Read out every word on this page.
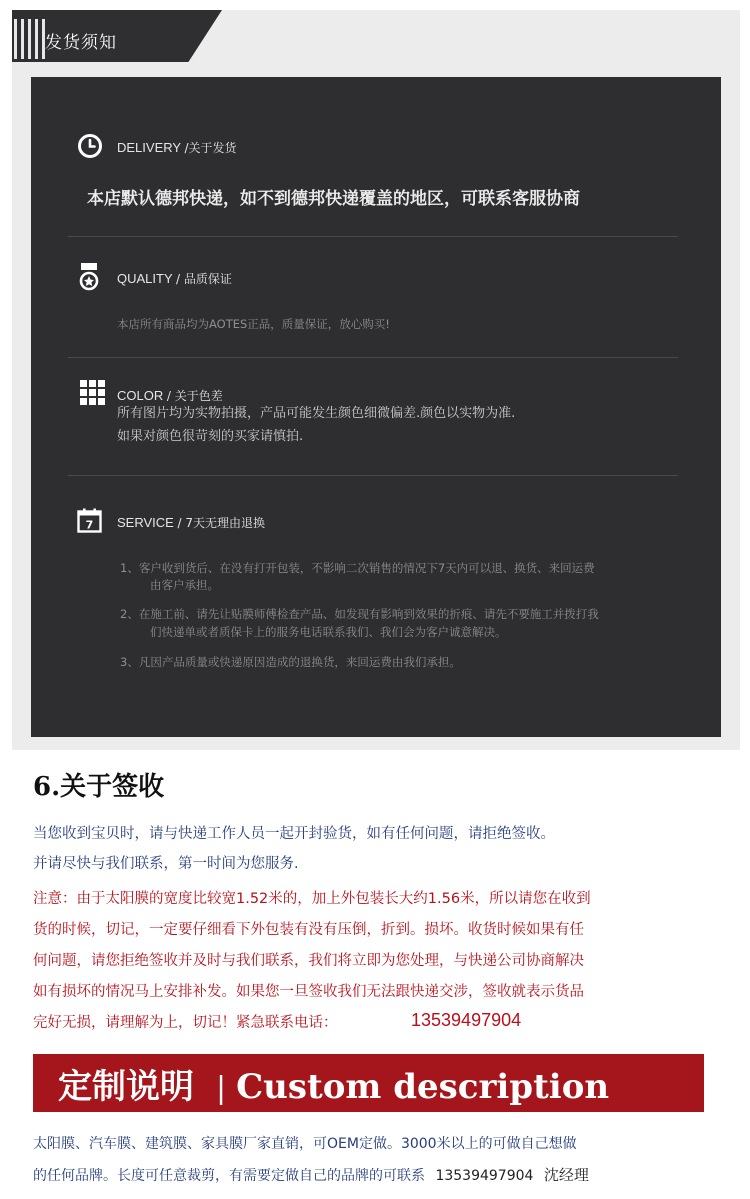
发货须知
DELIVERY /关于发货
本店默认德邦快递，如不到德邦快递覆盖的地区，可联系客服协商
QUALITY / 品质保证
本店所有商品均为AOTES正品，质量保证，放心购买!
COLOR / 关于色差
所有图片均为实物拍摄，产品可能发生颜色细微偏差.颜色以实物为准.
如果对颜色很苛刻的买家请慎拍.
7 SERVICE / 7天无理由退换
1、客户收到货后、在没有打开包装，不影响二次销售的情况下7天内可以退、换货、来回运费
由客户承担。
2、在施工前、请先让贴膜师傅检查产品、如发现有影响到效果的折痕、请先不要施工并拨打我
们快递单或者质保卡上的服务电话联系我们、我们会为客户诚意解决。
3、凡因产品质量或快递原因造成的退换货，来回运费由我们承担。
6.关于签收
当您收到宝贝时，请与快递工作人员一起开封验货，如有任何问题，请拒绝签收。
并请尽快与我们联系，第一时间为您服务.
注意：由于太阳膜的宽度比较宽1.52米的，加上外包装长大约1.56米，所以请您在收到
货的时候，切记，一定要仔细看下外包装有没有压倒，折到。损坏。收货时候如果有任
何问题，请您拒绝签收并及时与我们联系，我们将立即为您处理，与快递公司协商解决
如有损坏的情况马上安排补发。如果您一旦签收我们无法跟快递交涉，签收就表示货品
完好无损，请理解为上，切记！紧急联系电话：	13539497904
定制说明 | Custom description
太阳膜、汽车膜、建筑膜、家具膜厂家直销，可OEM定做。3000米以上的可做自己想做
的任何品牌。长度可任意裁剪，有需要定做自己的品牌的可联系 13539497904 沈经理
